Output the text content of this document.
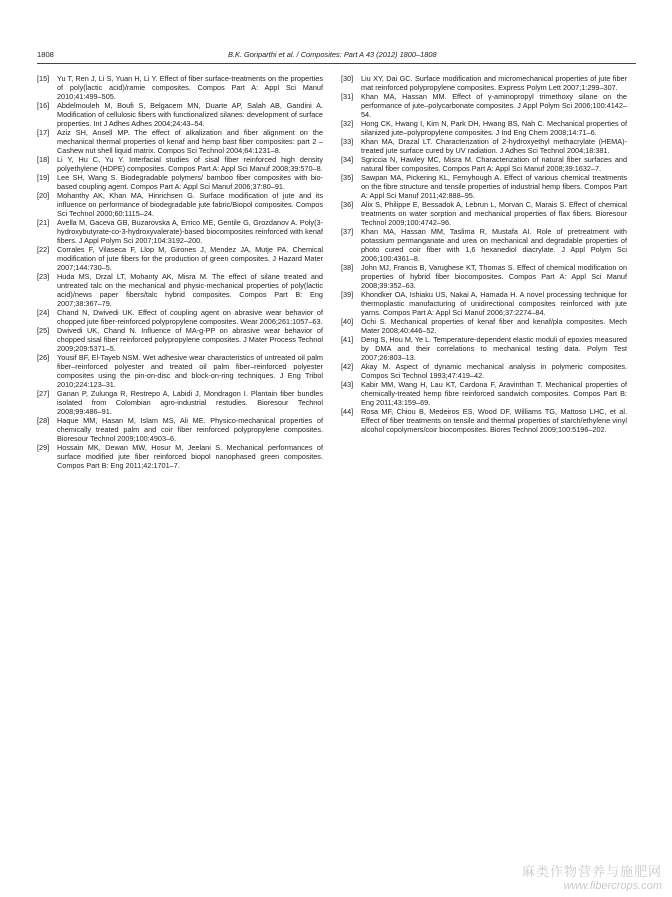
1808	B.K. Goriparthi et al. / Composites: Part A 43 (2012) 1800–1808
[15]	Yu T, Ren J, Li S, Yuan H, Li Y. Effect of fiber surface-treatments on the properties of poly(lactic acid)/ramie composites. Compos Part A: Appl Sci Manuf 2010;41:499–505.
[16]	Abdelmouleh M, Boufi S, Belgacem MN, Duarte AP, Salah AB, Gandini A. Modification of cellulosic fibers with functionalized silanes: development of surface properties. Int J Adhes Adhes 2004;24:43–54.
[17]	Aziz SH, Ansell MP. The effect of alkalization and fiber alignment on the mechanical thermal properties of kenaf and hemp bast fiber composites: part 2 – Cashew nut shell liquid matrix. Compos Sci Technol 2004;64:1231–8.
[18]	Li Y, Hu C, Yu Y. Interfacial studies of sisal fiber reinforced high density polyethylene (HDPE) composites. Compos Part A: Appl Sci Manuf 2008;39:570–8.
[19]	Lee SH, Wang S. Biodegradable polymers/ bamboo fiber composites with bio-based coupling agent. Compos Part A: Appl Sci Manuf 2006;37:80–91.
[20]	Mohanthy AK, Khan MA, Hinrichsen G. Surface modification of jute and its influence on performance of biodegradable jute fabric/Biopol composites. Compos Sci Technol 2000;60:1115–24.
[21]	Avella M, Gaceva GB, Buzarovska A, Errico ME, Gentile G, Grozdanov A. Poly(3-hydroxybutyrate-co-3-hydroxyvalerate)-based biocomposites reinforced with kenaf fibers. J Appl Polym Sci 2007;104:3192–200.
[22]	Corrales F, Vilaseca F, Llop M, Girones J, Mendez JA, Mutje PA. Chemical modification of jute fibers for the production of green composites. J Hazard Mater 2007;144:730–5.
[23]	Huda MS, Drzal LT, Mohanty AK, Misra M. The effect of silane treated and untreated talc on the mechanical and physic-mechanical properties of poly(lactic acid)/news paper fibers/talc hybrid composites. Compos Part B: Eng 2007;38:367–79.
[24]	Chand N, Dwivedi UK. Effect of coupling agent on abrasive wear behavior of chopped jute fiber-reinforced polypropylene composites. Wear 2006;261:1057–63.
[25]	Dwivedi UK, Chand N. Influence of MA-g-PP on abrasive wear behavior of chopped sisal fiber reinforced polypropylene composites. J Mater Process Technol 2009;209:5371–5.
[26]	Yousif BF, El-Tayeb NSM. Wet adhesive wear characteristics of untreated oil palm fiber–reinforced polyester and treated oil palm fiber–reinforced polyester composites using the pin-on-disc and block-on-ring techniques. J Eng Tribol 2010;224:123–31.
[27]	Ganan P, Zulunga R, Restrepo A, Labidi J, Mondragon I. Plantain fiber bundles isolated from Colombian agro-industrial restudies. Bioresour Technol 2008;99:486–91.
[28]	Haque MM, Hasan M, Islam MS, Ali ME. Physico-mechanical properties of chemically treated palm and coir fiber reinforced polypropylene composites. Bioresour Technol 2009;100:4903–6.
[29]	Hossain MK, Dewan MW, Hosur M, Jeelani S. Mechanical performances of surface modified jute fiber reinforced biopol nanophased green composites. Compos Part B: Eng 2011;42:1701–7.
[30]	Liu XY, Dai GC. Surface modification and micromechanical properties of jute fiber mat reinforced polypropylene composites. Express Polym Lett 2007;1:299–307.
[31]	Khan MA, Hassan MM. Effect of γ-aminopropyl trimethoxy silane on the performance of jute–polycarbonate composites. J Appl Polym Sci 2006;100:4142–54.
[32]	Hong CK, Hwang I, Kim N, Park DH, Hwang BS, Nah C. Mechanical properties of silanized jute–polypropylene composites. J Ind Eng Chem 2008;14:71–6.
[33]	Khan MA, Drazal LT. Characterization of 2-hydroxyethyl methacrylate (HEMA)-treated jute surface cured by UV radiation. J Adhes Sci Technol 2004;18:381.
[34]	Sgriccia N, Hawley MC, Misra M. Characterization of natural fiber surfaces and natural fiber composites. Compos Part A: Appl Sci Manuf 2008;39:1632–7.
[35]	Sawpan MA, Pickering KL, Fernyhough A. Effect of various chemical treatments on the fibre structure and tensile properties of industrial hemp fibers. Compos Part A: Appl Sci Manuf 2011;42:888–95.
[36]	Alix S, Philippe E, Bessadok A, Lebrun L, Morvan C, Marais S. Effect of chemical treatments on water sorption and mechanical properties of flax fibers. Bioresour Technol 2009;100:4742–96.
[37]	Khan MA, Hassan MM, Taslima R, Mustafa AI. Role of pretreatment with potassium permanganate and urea on mechanical and degradable properties of photo cured coir fiber with 1,6 hexanediol diacrylate. J Appl Polym Sci 2006;100:4361–8.
[38]	John MJ, Francis B, Varughese KT, Thomas S. Effect of chemical modification on properties of hybrid fiber biocomposites. Compos Part A: Appl Sci Manuf 2008;39:352–63.
[39]	Khondker OA, Ishiaku US, Nakai A, Hamada H. A novel processing technique for thermoplastic manufacturing of unidirectional composites reinforced with jute yarns. Compos Part A: Appl Sci Manuf 2006;37:2274–84.
[40]	Ochi S. Mechanical properties of kenaf fiber and kenaf/pla composites. Mech Mater 2008;40:446–52.
[41]	Deng S, Hou M, Ye L. Temperature-dependent elastic moduli of epoxies measured by DMA and their correlations to mechanical testing data. Polym Test 2007;26:803–13.
[42]	Akay M. Aspect of dynamic mechanical analysis in polymeric composites. Compos Sci Technol 1993;47:419–42.
[43]	Kabir MM, Wang H, Lau KT, Cardona F, Aravinthan T. Mechanical properties of chemically-treated hemp fibre reinforced sandwich composites. Compos Part B: Eng 2011;43:159–69.
[44]	Rosa MF, Chiou B, Medeiros ES, Wood DF, Williams TG, Mattoso LHC, et al. Effect of fiber treatments on tensile and thermal properties of starch/ethylene vinyl alcohol copolymers/coir biocomposites. Biores Technol 2009;100:5196–202.
麻类作物营养与施肥网
www.fibercrops.com
